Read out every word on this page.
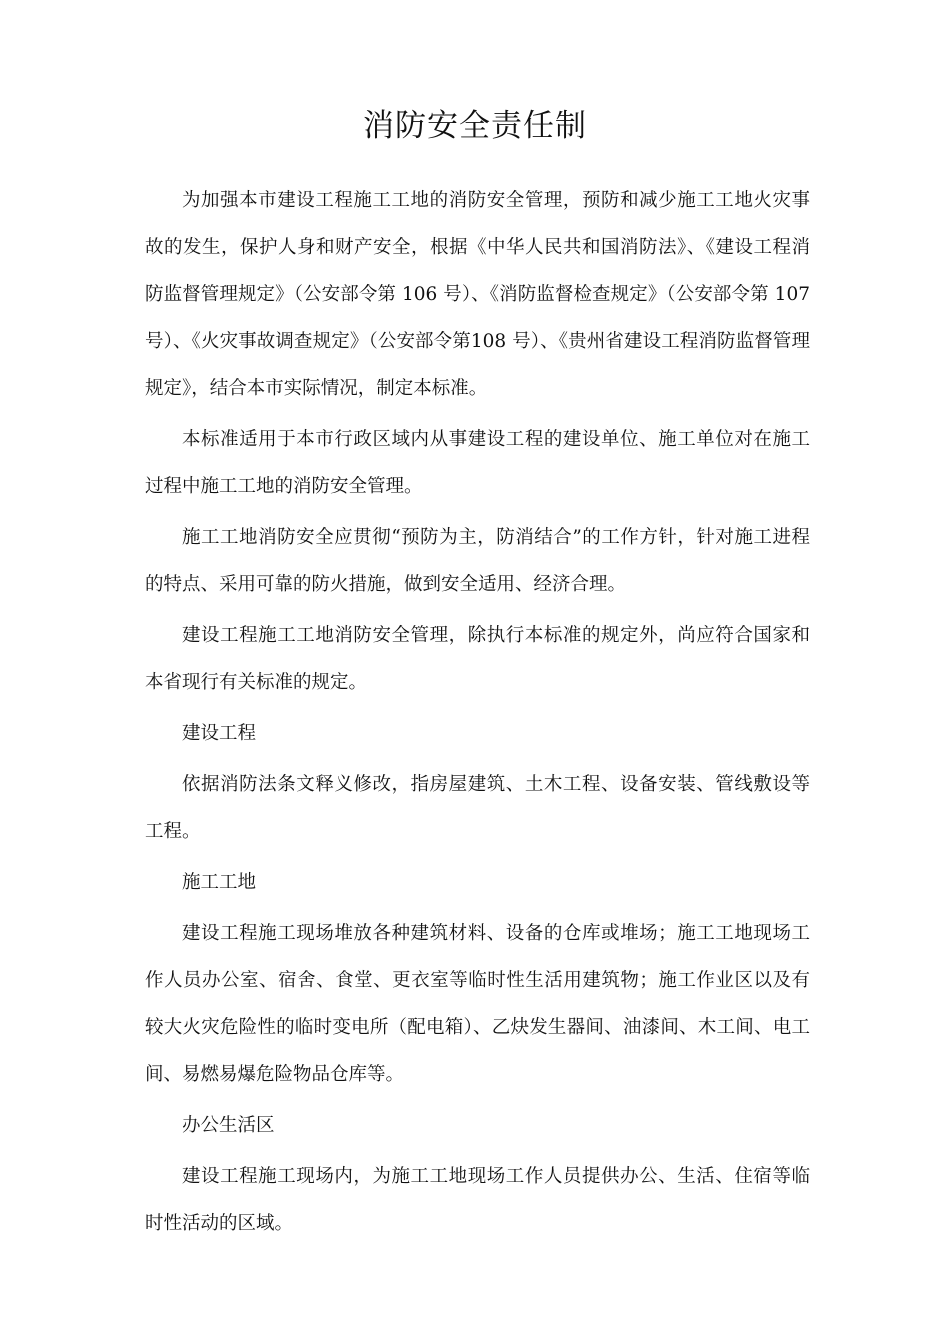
消防安全责任制

为加强本市建设工程施工工地的消防安全管理，预防和减少施工工地火灾事故的发生，保护人身和财产安全，根据《中华人民共和国消防法》、《建设工程消防监督管理规定》（公安部令第 106 号）、《消防监督检查规定》（公安部令第 107 号）、《火灾事故调查规定》（公安部令第108 号）、《贵州省建设工程消防监督管理规定》，结合本市实际情况，制定本标准。

本标准适用于本市行政区域内从事建设工程的建设单位、施工单位对在施工过程中施工工地的消防安全管理。

施工工地消防安全应贯彻“预防为主，防消结合”的工作方针，针对施工进程的特点、采用可靠的防火措施，做到安全适用、经济合理。

建设工程施工工地消防安全管理，除执行本标准的规定外，尚应符合国家和本省现行有关标准的规定。

建设工程

依据消防法条文释义修改，指房屋建筑、土木工程、设备安装、管线敷设等工程。

施工工地

建设工程施工现场堆放各种建筑材料、设备的仓库或堆场；施工工地现场工作人员办公室、宿舍、食堂、更衣室等临时性生活用建筑物；施工作业区以及有较大火灾危险性的临时变电所（配电箱）、乙炔发生器间、油漆间、木工间、电工间、易燃易爆危险物品仓库等。

办公生活区

建设工程施工现场内，为施工工地现场工作人员提供办公、生活、住宿等临时性活动的区域。
